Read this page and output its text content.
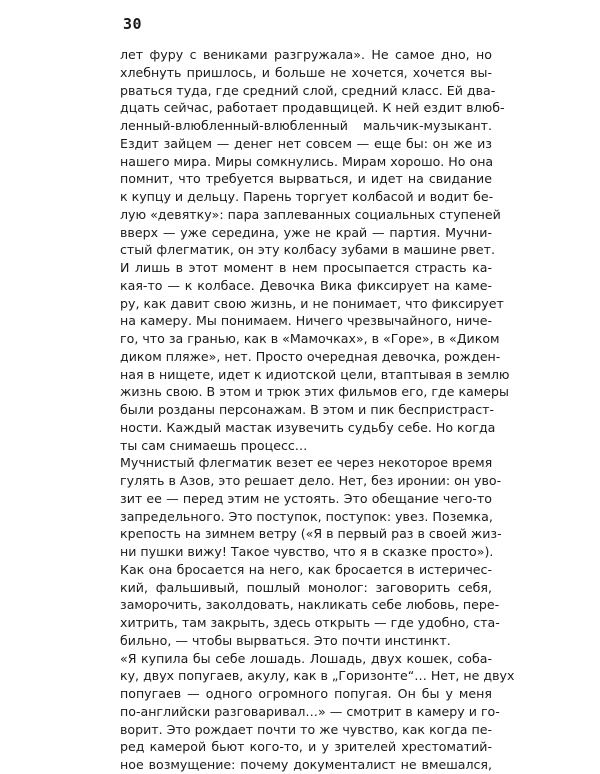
30
лет фуру с вениками разгружала». Не самое дно, но
хлебнуть пришлось, и больше не хочется, хочется вы-
рваться туда, где средний слой, средний класс. Ей два-
дцать сейчас, работает продавщицей. К ней ездит влюб-
ленный-влюбленный-влюбленный мальчик-музыкант.
Ездит зайцем — денег нет совсем — еще бы: он же из
нашего мира. Миры сомкнулись. Мирам хорошо. Но она
помнит, что требуется вырваться, и идет на свидание
к купцу и дельцу. Парень торгует колбасой и водит бе-
лую «девятку»: пара заплеванных социальных ступеней
вверх — уже середина, уже не край — партия. Мучни-
стый флегматик, он эту колбасу зубами в машине рвет.
И лишь в этот момент в нем просыпается страсть ка-
кая-то — к колбасе. Девочка Вика фиксирует на каме-
ру, как давит свою жизнь, и не понимает, что фиксирует
на камеру. Мы понимаем. Ничего чрезвычайного, ниче-
го, что за гранью, как в «Мамочках», в «Горе», в «Диком
диком пляже», нет. Просто очередная девочка, рожден-
ная в нищете, идет к идиотской цели, втаптывая в землю
жизнь свою. В этом и трюк этих фильмов его, где камеры
были розданы персонажам. В этом и пик беспристраст-
ности. Каждый мастак изувечить судьбу себе. Но когда
ты сам снимаешь процесс…
Мучнистый флегматик везет ее через некоторое время
гулять в Азов, это решает дело. Нет, без иронии: он уво-
зит ее — перед этим не устоять. Это обещание чего-то
запредельного. Это поступок, поступок: увез. Поземка,
крепость на зимнем ветру («Я в первый раз в своей жиз-
ни пушки вижу! Такое чувство, что я в сказке просто»).
Как она бросается на него, как бросается в истеричес-
кий, фальшивый, пошлый монолог: заговорить себя,
заморочить, заколдовать, накликать себе любовь, пере-
хитрить, там закрыть, здесь открыть — где удобно, ста-
бильно, — чтобы вырваться. Это почти инстинкт.
«Я купила бы себе лошадь. Лошадь, двух кошек, соба-
ку, двух попугаев, акулу, как в „Горизонте“… Нет, не двух
попугаев — одного огромного попугая. Он бы у меня
по-английски разговаривал…» — смотрит в камеру и го-
ворит. Это рождает почти то же чувство, как когда пе-
ред камерой бьют кого-то, и у зрителей хрестоматий-
ное возмущение: почему документалист не вмешался,
